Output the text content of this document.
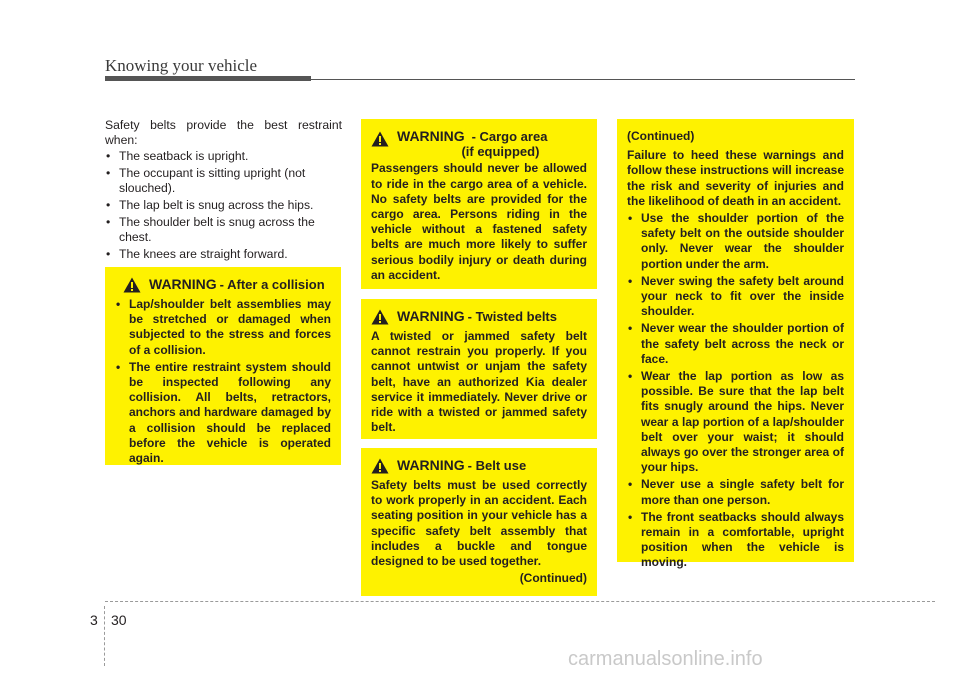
Knowing your vehicle

Safety belts provide the best restraint when:

• The seatback is upright.
• The occupant is sitting upright (not slouched).
• The lap belt is snug across the hips.
• The shoulder belt is snug across the chest.
• The knees are straight forward.
WARNING - After a collision
• Lap/shoulder belt assemblies may be stretched or damaged when subjected to the stress and forces of a collision.
• The entire restraint system should be inspected following any collision. All belts, retractors, anchors and hardware damaged by a collision should be replaced before the vehicle is operated again.
WARNING - Cargo area
(if equipped)

Passengers should never be allowed to ride in the cargo area of a vehicle. No safety belts are provided for the cargo area. Persons riding in the vehicle without a fastened safety belts are much more likely to suffer serious bodily injury or death during an accident.

WARNING - Twisted belts

A twisted or jammed safety belt cannot restrain you properly. If you cannot untwist or unjam the safety belt, have an authorized Kia dealer service it immediately. Never drive or ride with a twisted or jammed safety belt.

WARNING - Belt use

Safety belts must be used correctly to work properly in an accident. Each seating position in your vehicle has a specific safety belt assembly that includes a buckle and tongue designed to be used together.

(Continued)
(Continued)

Failure to heed these warnings and follow these instructions will increase the risk and severity of injuries and the likelihood of death in an accident.

• Use the shoulder portion of the safety belt on the outside shoulder only. Never wear the shoulder portion under the arm.
• Never swing the safety belt around your neck to fit over the inside shoulder.
• Never wear the shoulder portion of the safety belt across the neck or face.
• Wear the lap portion as low as possible. Be sure that the lap belt fits snugly around the hips. Never wear a lap portion of a lap/shoulder belt over your waist; it should always go over the stronger area of your hips.
• Never use a single safety belt for more than one person.
• The front seatbacks should always remain in a comfortable, upright position when the vehicle is moving.
3 30
carmanualsonline.info
